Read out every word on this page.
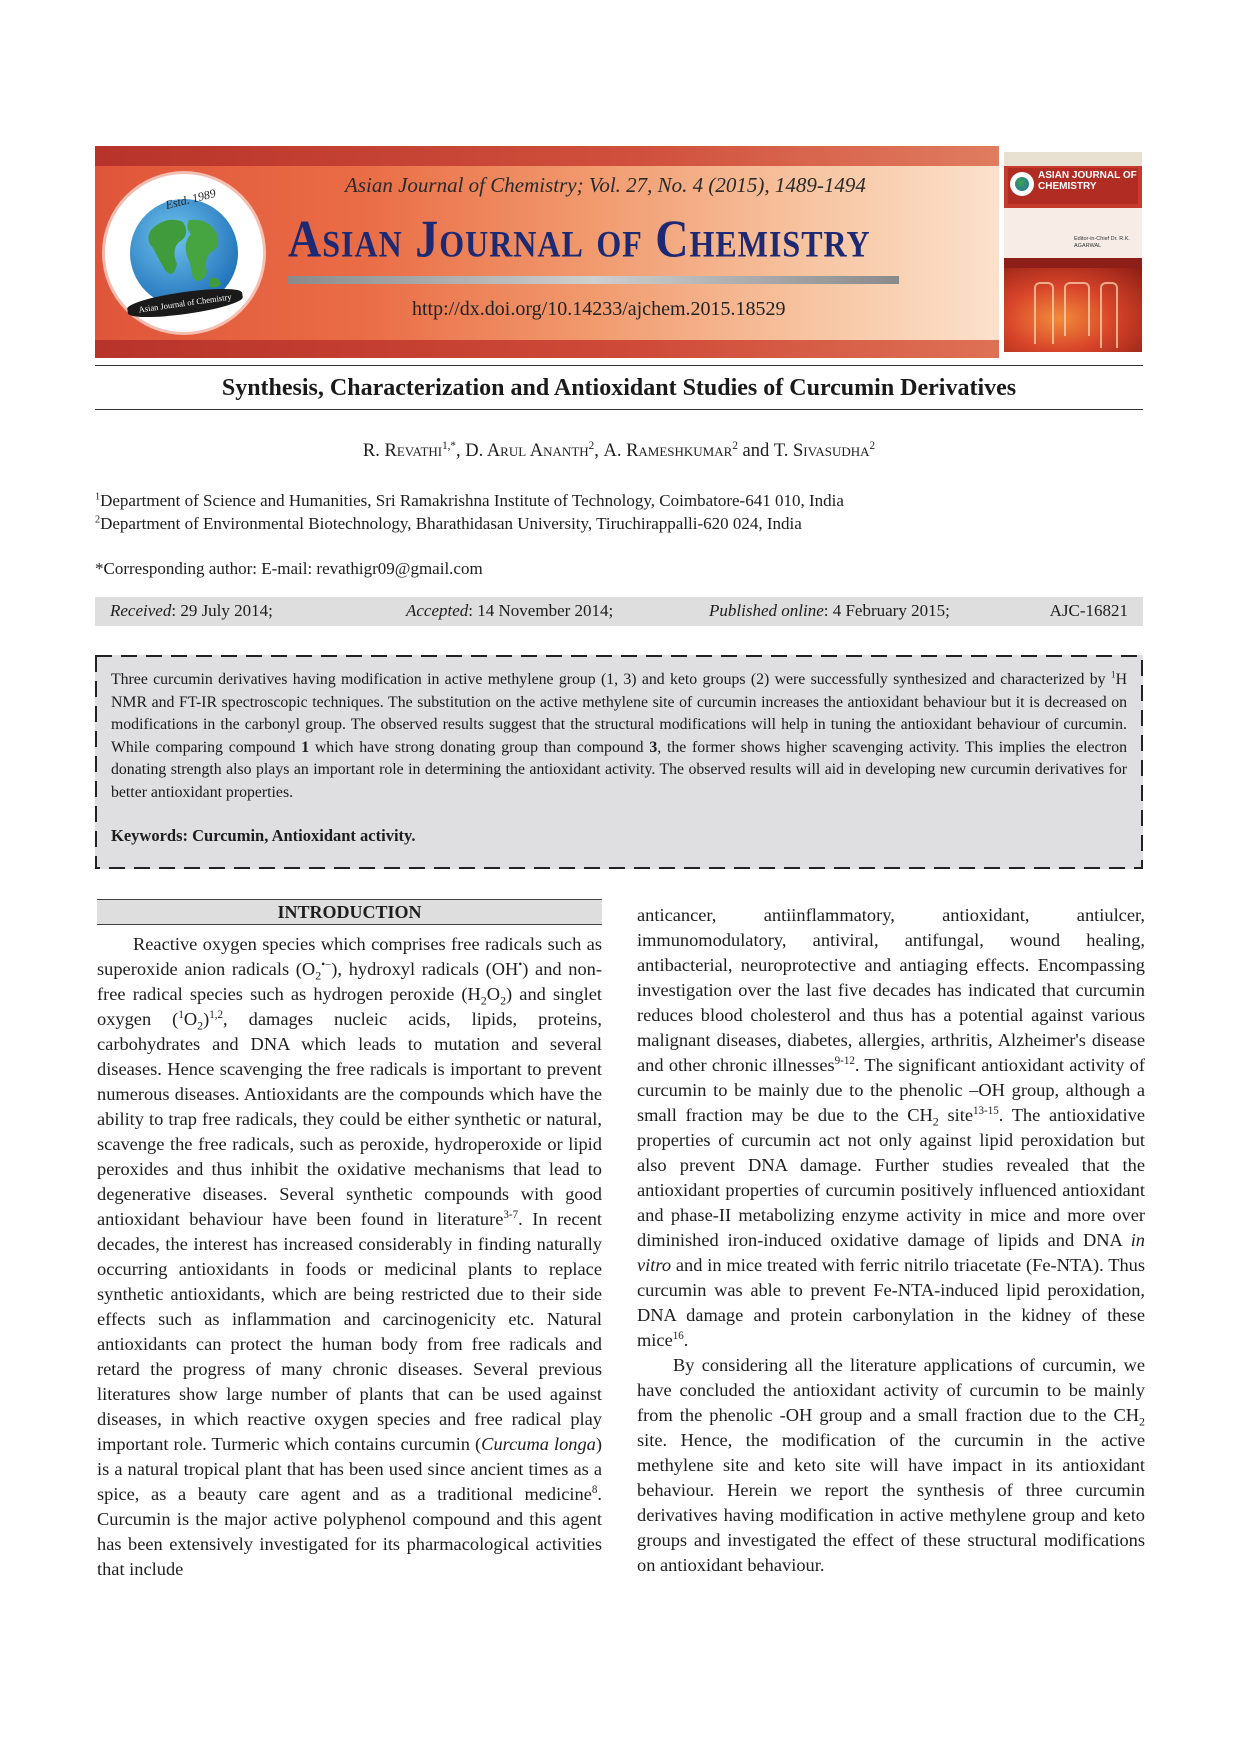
Estd. 1989
Asian Journal of Chemistry
Asian Journal of Chemistry; Vol. 27, No. 4 (2015), 1489-1494
Asian Journal of Chemistry
http://dx.doi.org/10.14233/ajchem.2015.18529
ASIAN JOURNAL OF CHEMISTRY
Editor-in-Chief Dr. R.K. AGARWAL
Synthesis, Characterization and Antioxidant Studies of Curcumin Derivatives
R. Revathi$^{1,*}$, D. Arul Ananth$^2$, A. Rameshkumar$^2$ and T. Sivasudha$^2$
$^1$Department of Science and Humanities, Sri Ramakrishna Institute of Technology, Coimbatore-641 010, India
$^2$Department of Environmental Biotechnology, Bharathidasan University, Tiruchirappalli-620 024, India
*Corresponding author: E-mail: revathigr09@gmail.com
Received: 29 July 2014;	Accepted: 14 November 2014;	Published online: 4 February 2015;	AJC-16821
Three curcumin derivatives having modification in active methylene group (1, 3) and keto groups (2) were successfully synthesized and characterized by $^1$H NMR and FT-IR spectroscopic techniques. The substitution on the active methylene site of curcumin increases the antioxidant behaviour but it is decreased on modifications in the carbonyl group. The observed results suggest that the structural modifications will help in tuning the antioxidant behaviour of curcumin. While comparing compound 1 which have strong donating group than compound 3, the former shows higher scavenging activity. This implies the electron donating strength also plays an important role in determining the antioxidant activity. The observed results will aid in developing new curcumin derivatives for better antioxidant properties.
Keywords: Curcumin, Antioxidant activity.
INTRODUCTION

Reactive oxygen species which comprises free radicals such as superoxide anion radicals $(O_2^{•-})$, hydroxyl radicals (OH•) and non-free radical species such as hydrogen peroxide $(H_2O_2)$ and singlet oxygen $(^1O_2)^{1,2}$, damages nucleic acids, lipids, proteins, carbohydrates and DNA which leads to mutation and several diseases. Hence scavenging the free radicals is important to prevent numerous diseases. Antioxidants are the compounds which have the ability to trap free radicals, they could be either synthetic or natural, scavenge the free radicals, such as peroxide, hydroperoxide or lipid peroxides and thus inhibit the oxidative mechanisms that lead to degenerative diseases. Several synthetic compounds with good antioxidant behaviour have been found in literature$^{3-7}$. In recent decades, the interest has increased considerably in finding naturally occurring antioxidants in foods or medicinal plants to replace synthetic antioxidants, which are being restricted due to their side effects such as inflammation and carcinogenicity etc. Natural antioxidants can protect the human body from free radicals and retard the progress of many chronic diseases. Several previous literatures show large number of plants that can be used against diseases, in which reactive oxygen species and free radical play important role. Turmeric which contains curcumin (Curcuma longa) is a natural tropical plant that has been used since ancient times as a spice, as a beauty care agent and as a traditional medicine$^8$. Curcumin is the major active polyphenol compound and this agent has been extensively investigated for its pharmacological activities that include

anticancer, antiinflammatory, antioxidant, antiulcer, immunomodulatory, antiviral, antifungal, wound healing, antibacterial, neuroprotective and antiaging effects. Encompassing investigation over the last five decades has indicated that curcumin reduces blood cholesterol and thus has a potential against various malignant diseases, diabetes, allergies, arthritis, Alzheimer's disease and other chronic illnesses$^{9-12}$. The significant antioxidant activity of curcumin to be mainly due to the phenolic –OH group, although a small fraction may be due to the $CH_2$ site$^{13-15}$. The antioxidative properties of curcumin act not only against lipid peroxidation but also prevent DNA damage. Further studies revealed that the antioxidant properties of curcumin positively influenced antioxidant and phase-II metabolizing enzyme activity in mice and more over diminished iron-induced oxidative damage of lipids and DNA in vitro and in mice treated with ferric nitrilo triacetate (Fe-NTA). Thus curcumin was able to prevent Fe-NTA-induced lipid peroxidation, DNA damage and protein carbonylation in the kidney of these mice$^{16}$.

By considering all the literature applications of curcumin, we have concluded the antioxidant activity of curcumin to be mainly from the phenolic -OH group and a small fraction due to the $CH_2$ site. Hence, the modification of the curcumin in the active methylene site and keto site will have impact in its antioxidant behaviour. Herein we report the synthesis of three curcumin derivatives having modification in active methylene group and keto groups and investigated the effect of these structural modifications on antioxidant behaviour.
